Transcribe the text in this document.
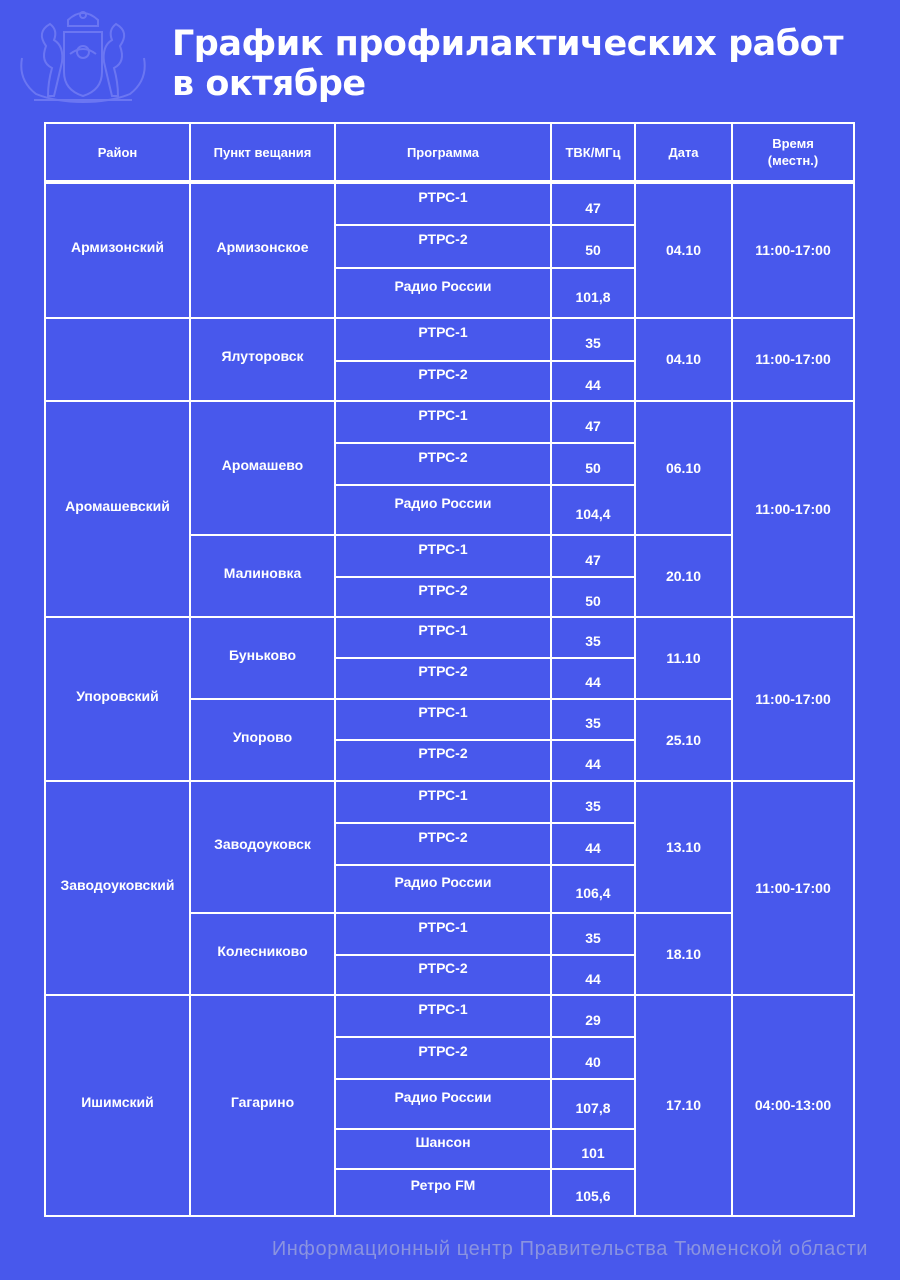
График профилактических работ
в октябре
Район	Пункт вещания	Программа	ТВК/МГц	Дата	Время
(местн.)
Армизонский	Армизонское	РТРС-1	47	04.10	11:00-17:00
		РТРС-2	50		
		Радио России	101,8		
	Ялуторовск	РТРС-1	35	04.10	11:00-17:00
		РТРС-2	44		
Аромашевский	Аромашево	РТРС-1	47	06.10	11:00-17:00
		РТРС-2	50		
		Радио России	104,4		
	Малиновка	РТРС-1	47	20.10	
		РТРС-2	50		
Упоровский	Буньково	РТРС-1	35	11.10	11:00-17:00
		РТРС-2	44		
	Упорово	РТРС-1	35	25.10	
		РТРС-2	44		
Заводоуковский	Заводоуковск	РТРС-1	35	13.10	11:00-17:00
		РТРС-2	44		
		Радио России	106,4		
	Колесниково	РТРС-1	35	18.10	
		РТРС-2	44		
Ишимский	Гагарино	РТРС-1	29	17.10	04:00-13:00
		РТРС-2	40		
		Радио России	107,8		
		Шансон	101		
		Ретро FM	105,6		
Информационный центр Правительства Тюменской области
